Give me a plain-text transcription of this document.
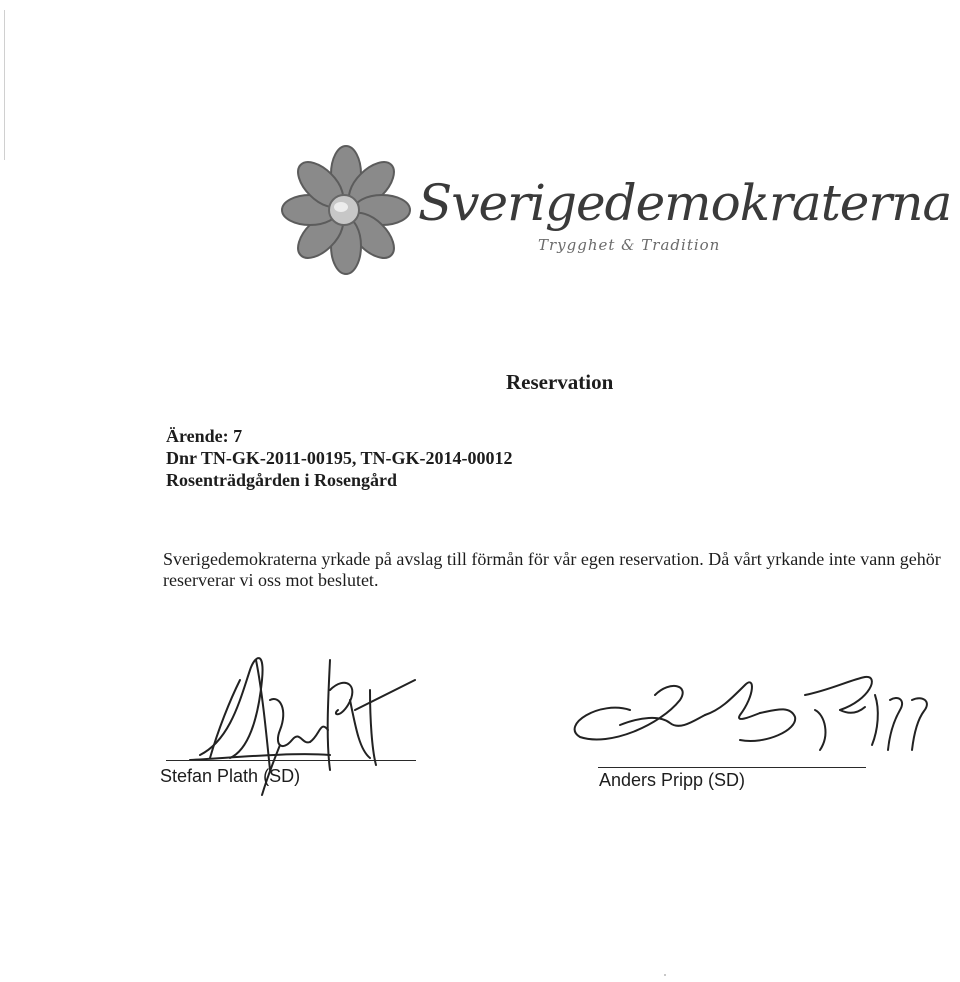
Sverigedemokraterna
Trygghet & Tradition
Reservation
Ärende: 7
Dnr TN-GK-2011-00195, TN-GK-2014-00012
Rosenträdgården i Rosengård
Sverigedemokraterna yrkade på avslag till förmån för vår egen reservation. Då vårt yrkande inte vann gehör reserverar vi oss mot beslutet.
Stefan Plath (SD)	Anders Pripp (SD)
